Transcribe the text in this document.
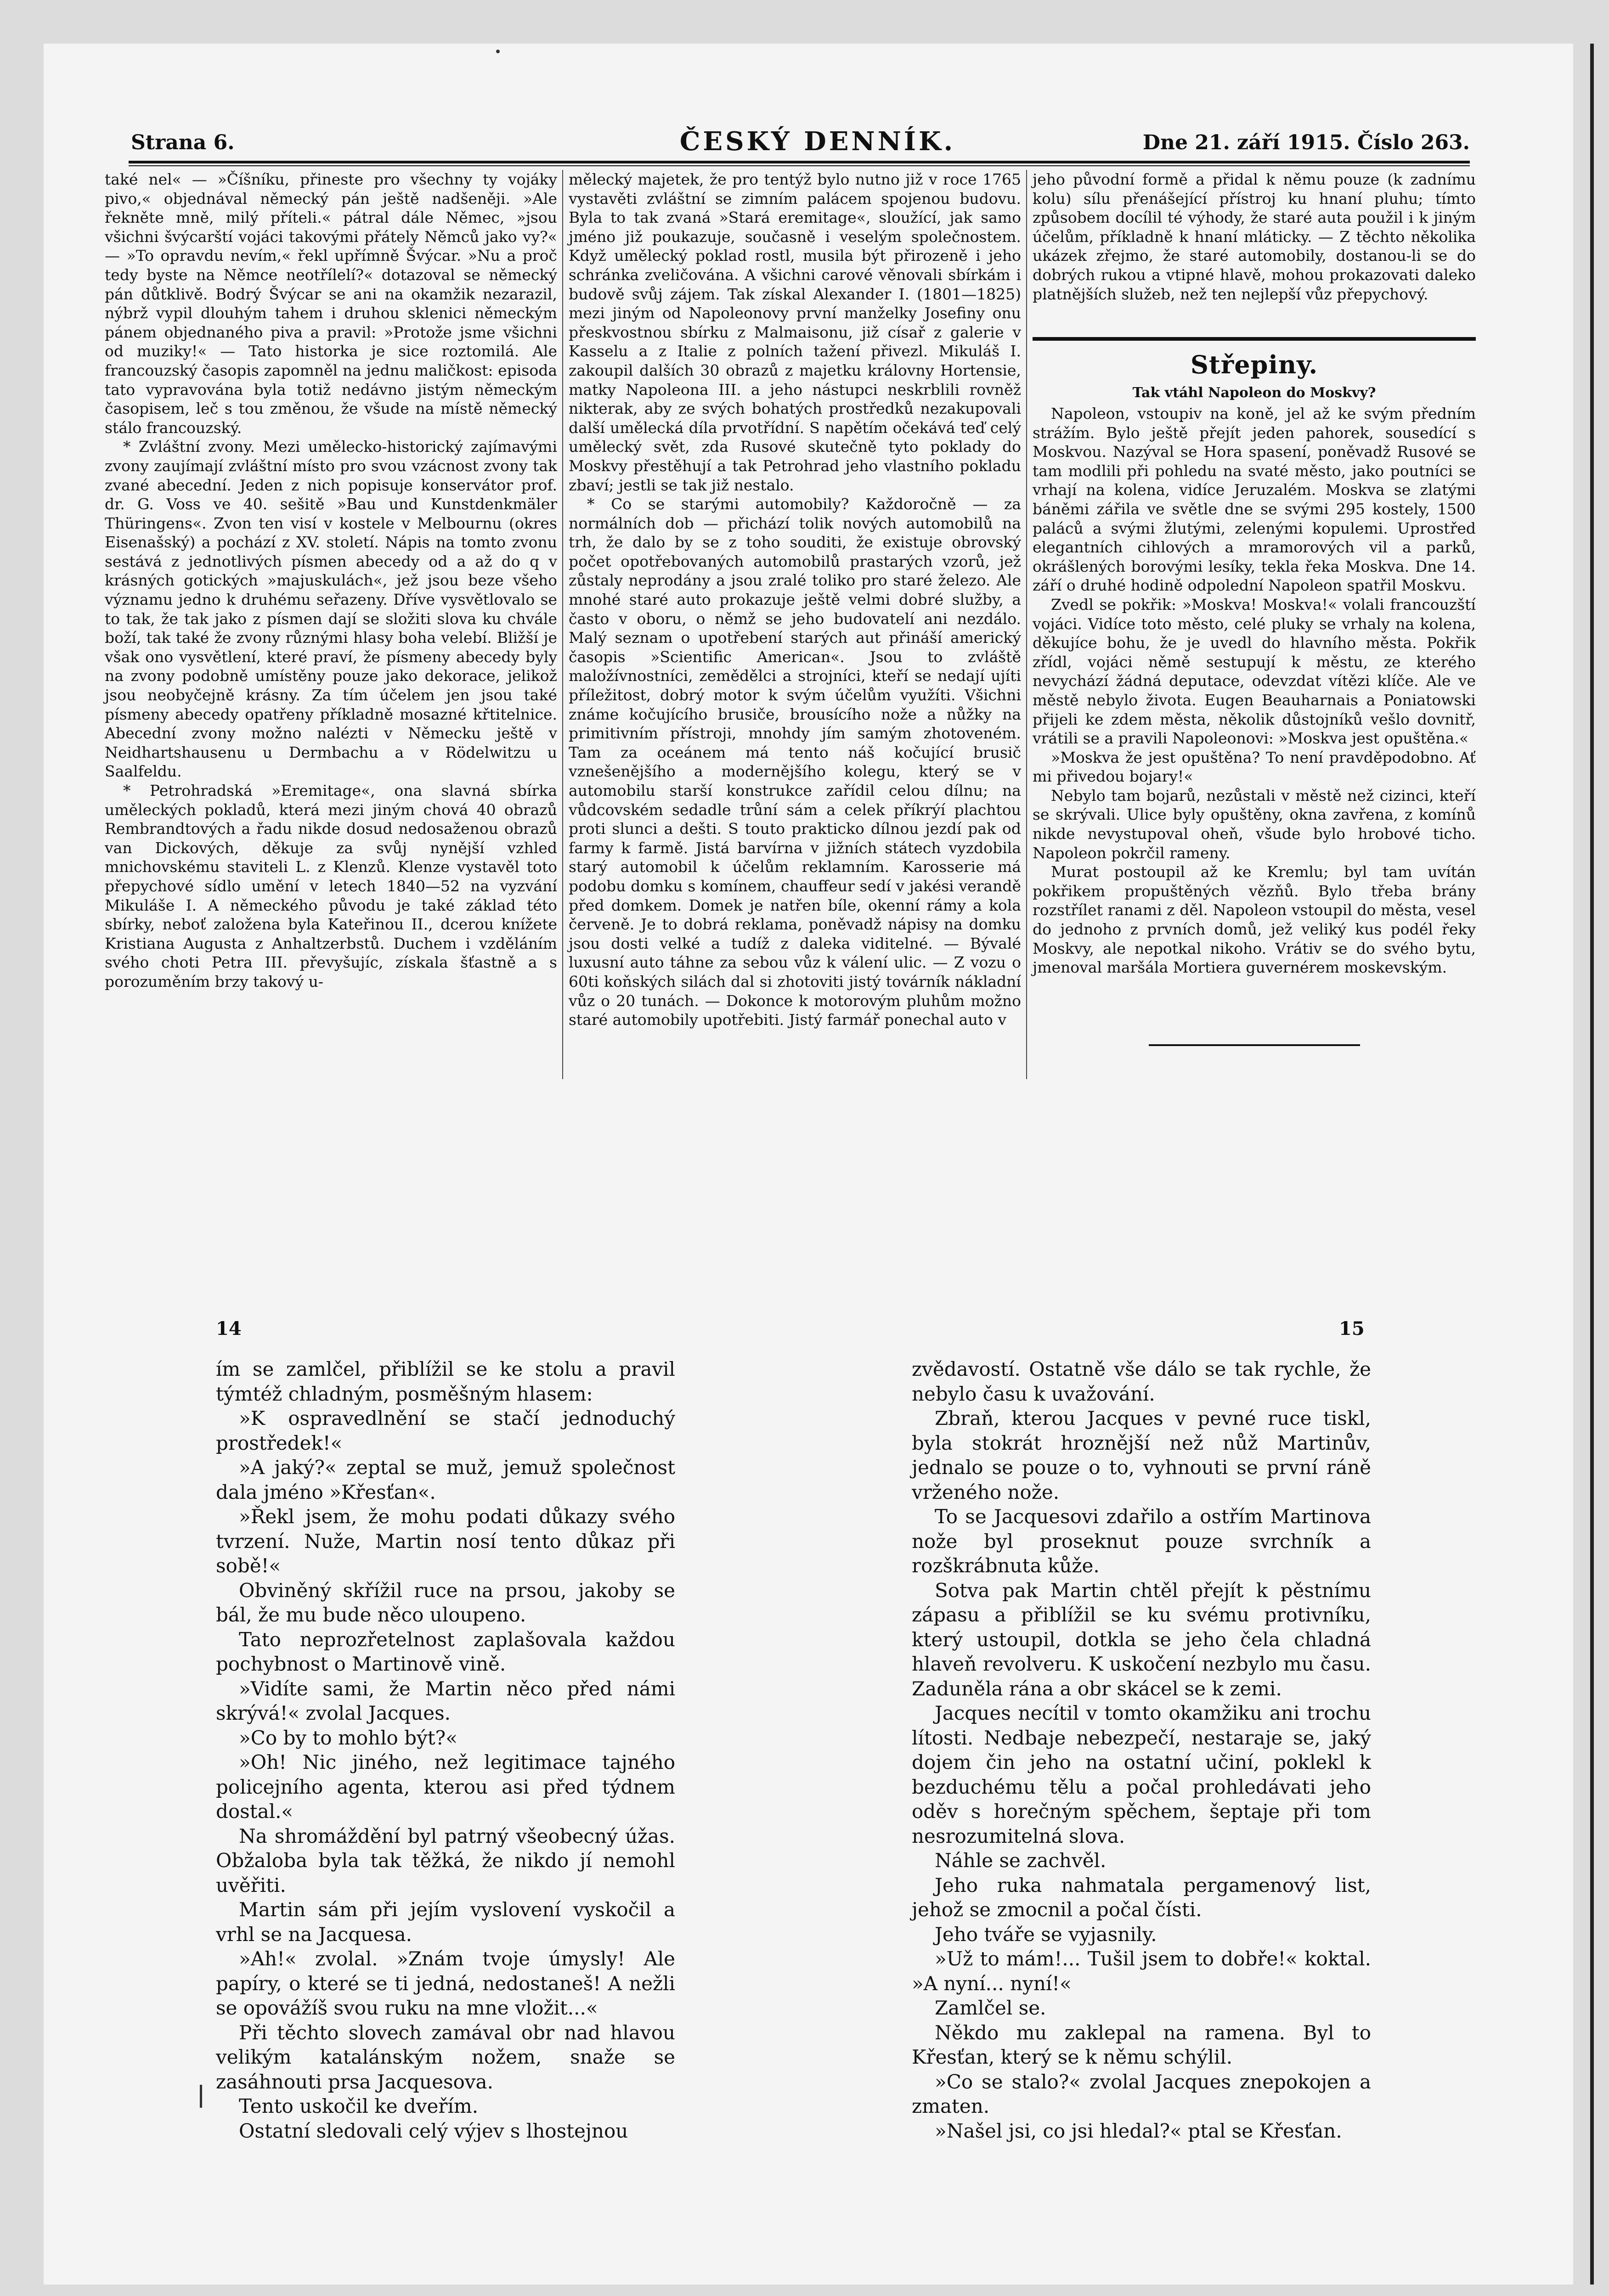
Strana 6.	ČESKÝ DENNÍK.	Dne 21. září 1915. Číslo 263.

také nel« — »Číšníku, přineste pro všechny ty vojáky pivo,« objednával německý pán ještě nadšeněji. »Ale řekněte mně, milý příteli.« pátral dále Němec, »jsou všichni švýcarští vojáci takovými přátely Němců jako vy?« — »To opravdu nevím,« řekl upřímně Švýcar. »Nu a proč tedy byste na Němce neotřílelí?« dotazoval se německý pán důtklivě. Bodrý Švýcar se ani na okamžik nezarazil, nýbrž vypil dlouhým tahem i druhou sklenici německým pánem objednaného piva a pravil: »Protože jsme všichni od muziky!« — Tato historka je sice roztomilá. Ale francouzský časopis zapomněl na jednu maličkost: episoda tato vypravována byla totiž nedávno jistým německým časopisem, leč s tou změnou, že všude na místě německý stálo francouzský.

* Zvláštní zvony. Mezi umělecko-historický zajímavými zvony zaujímají zvláštní místo pro svou vzácnost zvony tak zvané abecední. Jeden z nich popisuje konservátor prof. dr. G. Voss ve 40. sešitě »Bau und Kunstdenkmäler Thüringens«. Zvon ten visí v kostele v Melbournu (okres Eisenašský) a pochází z XV. století. Nápis na tomto zvonu sestává z jednotlivých písmen abecedy od a až do q v krásných gotických »majuskulách«, jež jsou beze všeho významu jedno k druhému seřazeny. Dříve vysvětlovalo se to tak, že tak jako z písmen dají se složiti slova ku chvále boží, tak také že zvony různými hlasy boha velebí. Bližší je však ono vysvětlení, které praví, že písmeny abecedy byly na zvony podobně umístěny pouze jako dekorace, jelikož jsou neobyčejně krásny. Za tím účelem jen jsou také písmeny abecedy opatřeny příkladně mosazné křtitelnice. Abecední zvony možno nalézti v Německu ještě v Neidhartshausenu u Dermbachu a v Rödelwitzu u Saalfeldu.

* Petrohradská »Eremitage«, ona slavná sbírka uměleckých pokladů, která mezi jiným chová 40 obrazů Rembrandtových a řadu nikde dosud nedosaženou obrazů van Dickových, děkuje za svůj nynější vzhled mnichovskému staviteli L. z Klenzů. Klenze vystavěl toto přepychové sídlo umění v letech 1840—52 na vyzvání Mikuláše I. A německého původu je také základ této sbírky, neboť založena byla Kateřinou II., dcerou knížete Kristiana Augusta z Anhaltzerbstů. Duchem i vzděláním svého choti Petra III. převyšujíc, získala šťastně a s porozuměním brzy takový u-

mělecký majetek, že pro tentýž bylo nutno již v roce 1765 vystavěti zvláštní se zimním palácem spojenou budovu. Byla to tak zvaná »Stará eremitage«, sloužící, jak samo jméno již poukazuje, současně i veselým společnostem. Když umělecký poklad rostl, musila být přirozeně i jeho schránka zveličována. A všichni carové věnovali sbírkám i budově svůj zájem. Tak získal Alexander I. (1801—1825) mezi jiným od Napoleonovy první manželky Josefiny onu přeskvostnou sbírku z Malmaisonu, již císař z galerie v Kasselu a z Italie z polních tažení přivezl. Mikuláš I. zakoupil dalších 30 obrazů z majetku královny Hortensie, matky Napoleona III. a jeho nástupci neskrblili rovněž nikterak, aby ze svých bohatých prostředků nezakupovali další umělecká díla prvotřídní. S napětím očekává teď celý umělecký svět, zda Rusové skutečně tyto poklady do Moskvy přestěhují a tak Petrohrad jeho vlastního pokladu zbaví; jestli se tak již nestalo.

* Co se starými automobily? Každoročně — za normálních dob — přichází tolik nových automobilů na trh, že dalo by se z toho souditi, že existuje obrovský počet opotřebovaných automobilů prastarých vzorů, jež zůstaly neprodány a jsou zralé toliko pro staré železo. Ale mnohé staré auto prokazuje ještě velmi dobré služby, a často v oboru, o němž se jeho budovatelí ani nezdálo. Malý seznam o upotřebení starých aut přináší americký časopis »Scientific American«. Jsou to zvláště maložívnostníci, zemědělci a strojníci, kteří se nedají ujíti příležitost, dobrý motor k svým účelům využíti. Všichni známe kočujícího brusiče, brousícího nože a nůžky na primitivním přístroji, mnohdy jím samým zhotoveném. Tam za oceánem má tento náš kočující brusič vznešenějšího a modernějšího kolegu, který se v automobilu starší konstrukce zařídil celou dílnu; na vůdcovském sedadle trůní sám a celek příkrýí plachtou proti slunci a dešti. S touto prakticko dílnou jezdí pak od farmy k farmě. Jistá barvírna v jižních státech vyzdobila starý automobil k účelům reklamním. Karosserie má podobu domku s komínem, chauffeur sedí v jakési verandě před domkem. Domek je natřen bíle, okenní rámy a kola červeně. Je to dobrá reklama, poněvadž nápisy na domku jsou dosti velké a tudíž z daleka viditelné. — Bývalé luxusní auto táhne za sebou vůz k válení ulic. — Z vozu o 60ti koňských silách dal si zhotoviti jistý továrník nákladní vůz o 20 tunách. — Dokonce k motorovým pluhům možno staré automobily upotřebiti. Jistý farmář ponechal auto v

jeho původní formě a přidal k němu pouze (k zadnímu kolu) sílu přenášející přístroj ku hnaní pluhu; tímto způsobem docílil té výhody, že staré auta použil i k jiným účelům, příkladně k hnaní mláticky. — Z těchto několika ukázek zřejmo, že staré automobily, dostanou-li se do dobrých rukou a vtipné hlavě, mohou prokazovati daleko platnějších služeb, než ten nejlepší vůz přepychový.

Střepiny.
Tak vtáhl Napoleon do Moskvy?

Napoleon, vstoupiv na koně, jel až ke svým předním strážím. Bylo ještě přejít jeden pahorek, sousedící s Moskvou. Nazýval se Hora spasení, poněvadž Rusové se tam modlili při pohledu na svaté město, jako poutníci se vrhají na kolena, vidíce Jeruzalém. Moskva se zlatými báněmi zářila ve světle dne se svými 295 kostely, 1500 paláců a svými žlutými, zelenými kopulemi. Uprostřed elegantních cihlových a mramorových vil a parků, okrášlených borovými lesíky, tekla řeka Moskva. Dne 14. září o druhé hodině odpolední Napoleon spatřil Moskvu.

Zvedl se pokřik: »Moskva! Moskva!« volali francouzští vojáci. Vidíce toto město, celé pluky se vrhaly na kolena, děkujíce bohu, že je uvedl do hlavního města. Pokřik zřídl, vojáci němě sestupují k městu, ze kterého nevychází žádná deputace, odevzdat vítězi klíče. Ale ve městě nebylo života. Eugen Beauharnais a Poniatowski přijeli ke zdem města, několik důstojníků vešlo dovnitř, vrátili se a pravili Napoleonovi: »Moskva jest opuštěna.«

»Moskva že jest opuštěna? To není pravděpodobno. Ať mi přivedou bojary!«

Nebylo tam bojarů, nezůstali v městě než cizinci, kteří se skrývali. Ulice byly opuštěny, okna zavřena, z komínů nikde nevystupoval oheň, všude bylo hrobové ticho. Napoleon pokrčil rameny.

Murat postoupil až ke Kremlu; byl tam uvítán pokřikem propuštěných vězňů. Bylo třeba brány rozstřílet ranami z děl. Napoleon vstoupil do města, vesel do jednoho z prvních domů, jež veliký kus podél řeky Moskvy, ale nepotkal nikoho. Vrátiv se do svého bytu, jmenoval maršála Mortiera guvernérem moskevským.

14	15

ím se zamlčel, přiblížil se ke stolu a pravil týmtéž chladným, posměšným hlasem:

»K ospravedlnění se stačí jednoduchý prostředek!«

»A jaký?« zeptal se muž, jemuž společnost dala jméno »Křesťan«.

»Řekl jsem, že mohu podati důkazy svého tvrzení. Nuže, Martin nosí tento důkaz při sobě!«

Obviněný skřížil ruce na prsou, jakoby se bál, že mu bude něco uloupeno.

Tato neprozřetelnost zaplašovala každou pochybnost o Martinově vině.

»Vidíte sami, že Martin něco před námi skrývá!« zvolal Jacques.

»Co by to mohlo být?«

»Oh! Nic jiného, než legitimace tajného policejního agenta, kterou asi před týdnem dostal.«

Na shromáždění byl patrný všeobecný úžas. Obžaloba byla tak těžká, že nikdo jí nemohl uvěřiti.

Martin sám při jejím vyslovení vyskočil a vrhl se na Jacquesa.

»Ah!« zvolal. »Znám tvoje úmysly! Ale papíry, o které se ti jedná, nedostaneš! A nežli se opovážíš svou ruku na mne vložit...«

Při těchto slovech zamával obr nad hlavou velikým katalánským nožem, snaže se zasáhnouti prsa Jacquesova.

Tento uskočil ke dveřím.

Ostatní sledovali celý výjev s lhostejnou

zvědavostí. Ostatně vše dálo se tak rychle, že nebylo času k uvažování.

Zbraň, kterou Jacques v pevné ruce tiskl, byla stokrát hroznější než nůž Martinův, jednalo se pouze o to, vyhnouti se první ráně vrženého nože.

To se Jacquesovi zdařilo a ostřím Martinova nože byl proseknut pouze svrchník a rozškrábnuta kůže.

Sotva pak Martin chtěl přejít k pěstnímu zápasu a přiblížil se ku svému protivníku, který ustoupil, dotkla se jeho čela chladná hlaveň revolveru. K uskočení nezbylo mu času. Zaduněla rána a obr skácel se k zemi.

Jacques necítil v tomto okamžiku ani trochu lítosti. Nedbaje nebezpečí, nestaraje se, jaký dojem čin jeho na ostatní učiní, poklekl k bezduchému tělu a počal prohledávati jeho oděv s horečným spěchem, šeptaje při tom nesrozumitelná slova.

Náhle se zachvěl.

Jeho ruka nahmatala pergamenový list, jehož se zmocnil a počal čísti.

Jeho tváře se vyjasnily.

»Už to mám!... Tušil jsem to dobře!« koktal. »A nyní... nyní!«

Zamlčel se.

Někdo mu zaklepal na ramena. Byl to Křesťan, který se k němu schýlil.

»Co se stalo?« zvolal Jacques znepokojen a zmaten.

»Našel jsi, co jsi hledal?« ptal se Křesťan.
